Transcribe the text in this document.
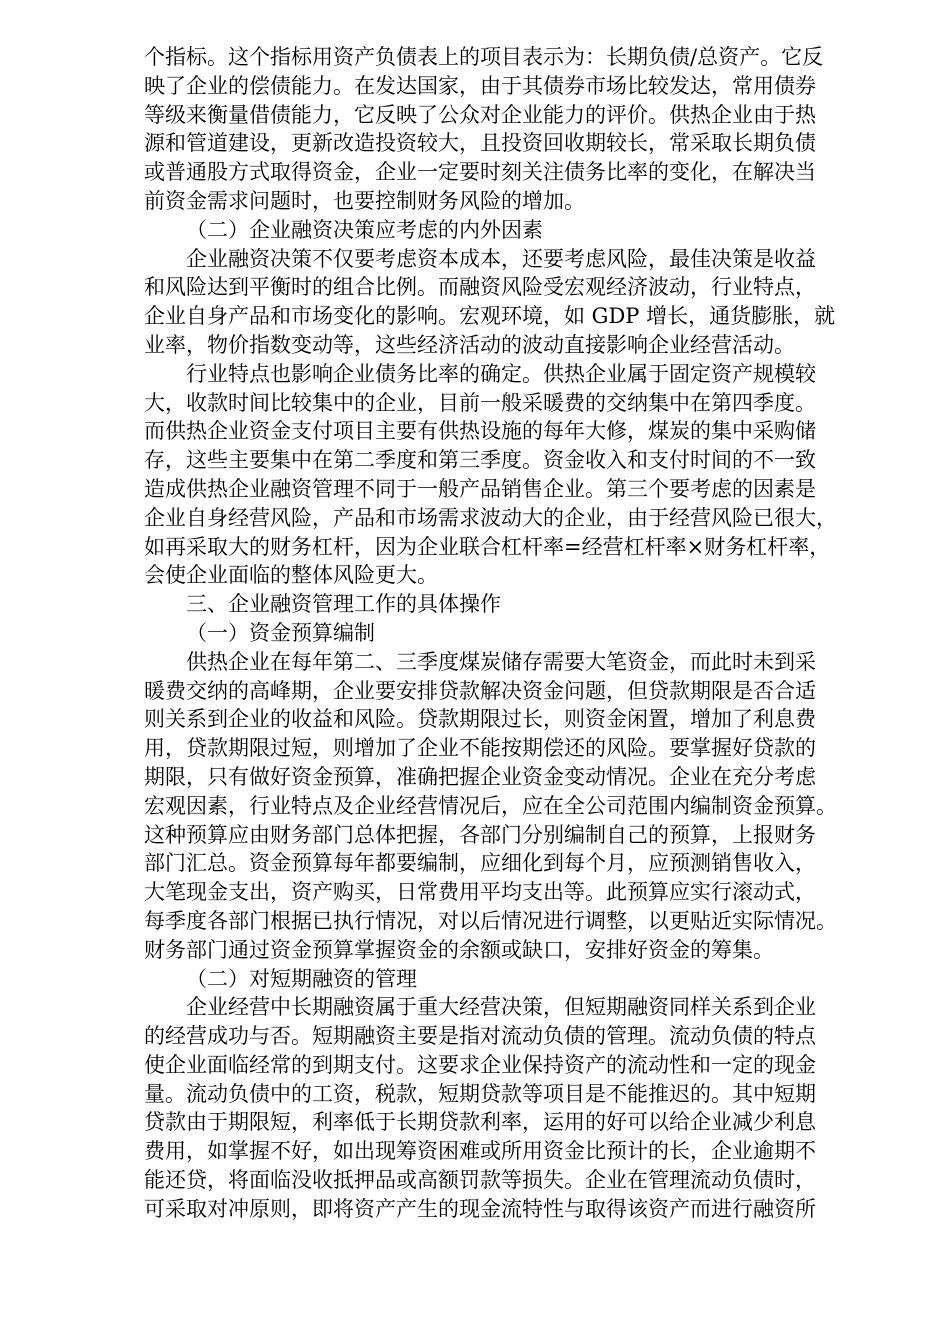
个指标。这个指标用资产负债表上的项目表示为：长期负债/总资产。它反
映了企业的偿债能力。在发达国家，由于其债券市场比较发达，常用债券
等级来衡量借债能力，它反映了公众对企业能力的评价。供热企业由于热
源和管道建设，更新改造投资较大，且投资回收期较长，常采取长期负债
或普通股方式取得资金，企业一定要时刻关注债务比率的变化，在解决当
前资金需求问题时，也要控制财务风险的增加。
（二）企业融资决策应考虑的内外因素
企业融资决策不仅要考虑资本成本，还要考虑风险，最佳决策是收益
和风险达到平衡时的组合比例。而融资风险受宏观经济波动，行业特点，
企业自身产品和市场变化的影响。宏观环境，如 GDP 增长，通货膨胀，就
业率，物价指数变动等，这些经济活动的波动直接影响企业经营活动。
行业特点也影响企业债务比率的确定。供热企业属于固定资产规模较
大，收款时间比较集中的企业，目前一般采暖费的交纳集中在第四季度。
而供热企业资金支付项目主要有供热设施的每年大修，煤炭的集中采购储
存，这些主要集中在第二季度和第三季度。资金收入和支付时间的不一致
造成供热企业融资管理不同于一般产品销售企业。第三个要考虑的因素是
企业自身经营风险，产品和市场需求波动大的企业，由于经营风险已很大，
如再采取大的财务杠杆，因为企业联合杠杆率=经营杠杆率×财务杠杆率，
会使企业面临的整体风险更大。
三、企业融资管理工作的具体操作
（一）资金预算编制
供热企业在每年第二、三季度煤炭储存需要大笔资金，而此时未到采
暖费交纳的高峰期，企业要安排贷款解决资金问题，但贷款期限是否合适
则关系到企业的收益和风险。贷款期限过长，则资金闲置，增加了利息费
用，贷款期限过短，则增加了企业不能按期偿还的风险。要掌握好贷款的
期限，只有做好资金预算，准确把握企业资金变动情况。企业在充分考虑
宏观因素，行业特点及企业经营情况后，应在全公司范围内编制资金预算。
这种预算应由财务部门总体把握，各部门分别编制自己的预算，上报财务
部门汇总。资金预算每年都要编制，应细化到每个月，应预测销售收入，
大笔现金支出，资产购买，日常费用平均支出等。此预算应实行滚动式，
每季度各部门根据已执行情况，对以后情况进行调整，以更贴近实际情况。
财务部门通过资金预算掌握资金的余额或缺口，安排好资金的筹集。
（二）对短期融资的管理
企业经营中长期融资属于重大经营决策，但短期融资同样关系到企业
的经营成功与否。短期融资主要是指对流动负债的管理。流动负债的特点
使企业面临经常的到期支付。这要求企业保持资产的流动性和一定的现金
量。流动负债中的工资，税款，短期贷款等项目是不能推迟的。其中短期
贷款由于期限短，利率低于长期贷款利率，运用的好可以给企业减少利息
费用，如掌握不好，如出现筹资困难或所用资金比预计的长，企业逾期不
能还贷，将面临没收抵押品或高额罚款等损失。企业在管理流动负债时，
可采取对冲原则，即将资产产生的现金流特性与取得该资产而进行融资所
